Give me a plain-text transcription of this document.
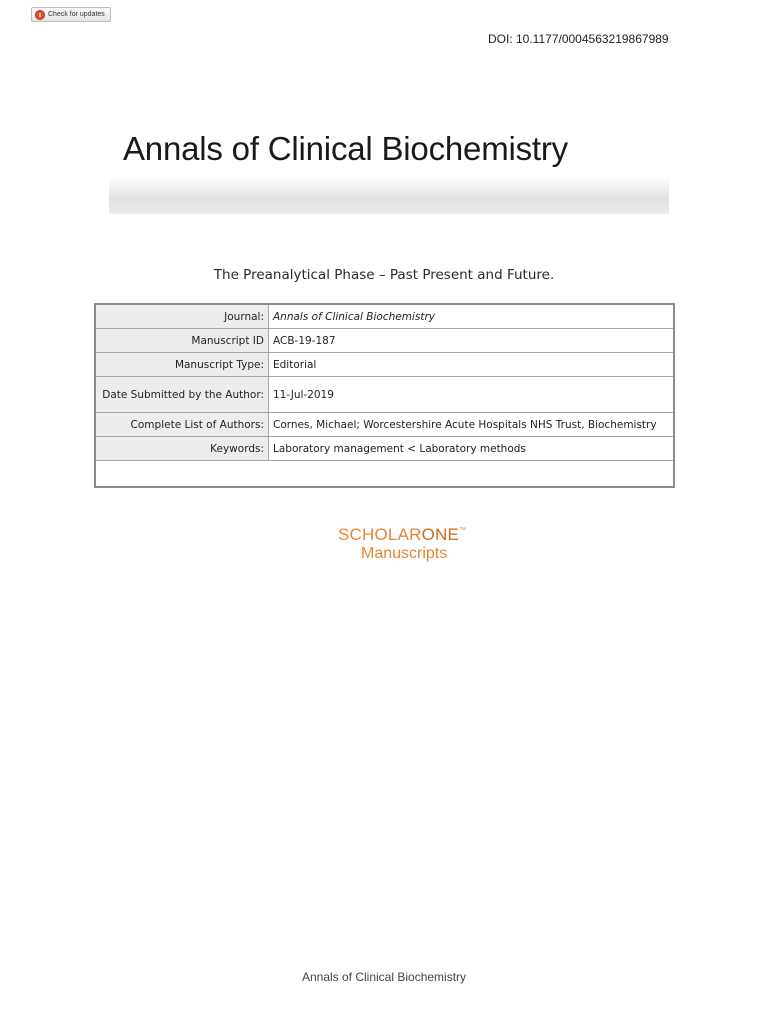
Check for updates
DOI: 10.1177/0004563219867989
Annals of Clinical Biochemistry
The Preanalytical Phase – Past Present and Future.
Journal:	Annals of Clinical Biochemistry
Manuscript ID	ACB-19-187
Manuscript Type:	Editorial
Date Submitted by the Author:	11-Jul-2019
Complete List of Authors:	Cornes, Michael; Worcestershire Acute Hospitals NHS Trust, Biochemistry
Keywords:	Laboratory management < Laboratory methods

SCHOLARONE™
Manuscripts
Annals of Clinical Biochemistry
